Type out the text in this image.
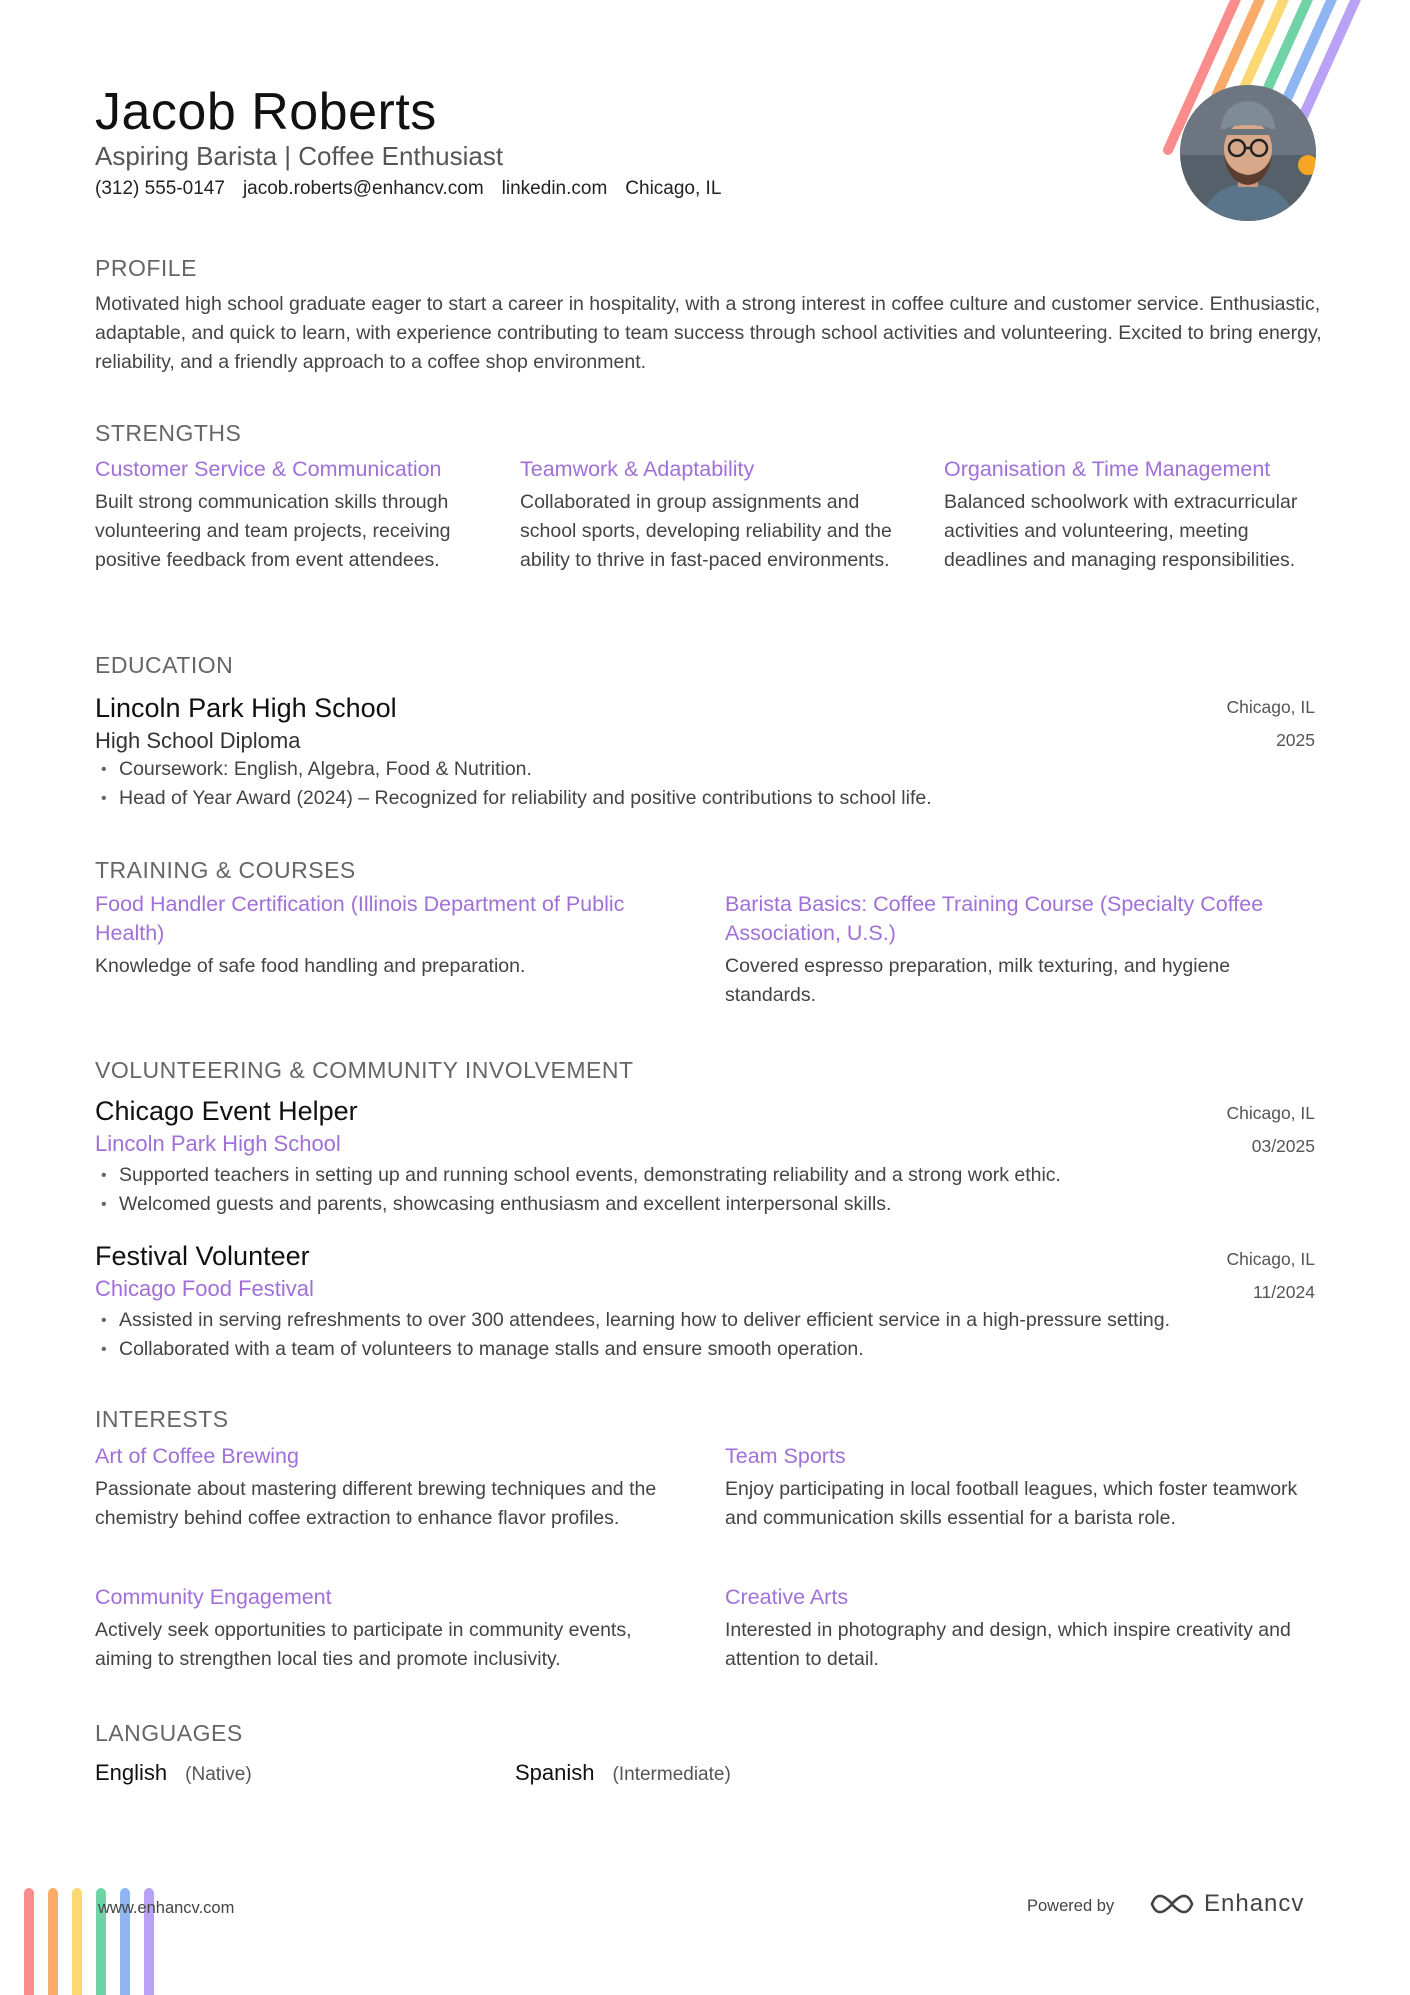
Jacob Roberts
Aspiring Barista | Coffee Enthusiast
(312) 555-0147 jacob.roberts@enhancv.com linkedin.com Chicago, IL
PROFILE
Motivated high school graduate eager to start a career in hospitality, with a strong interest in coffee culture and customer service. Enthusiastic, adaptable, and quick to learn, with experience contributing to team success through school activities and volunteering. Excited to bring energy, reliability, and a friendly approach to a coffee shop environment.
STRENGTHS
Customer Service & Communication
Built strong communication skills through volunteering and team projects, receiving positive feedback from event attendees.
Teamwork & Adaptability
Collaborated in group assignments and school sports, developing reliability and the ability to thrive in fast-paced environments.
Organisation & Time Management
Balanced schoolwork with extracurricular activities and volunteering, meeting deadlines and managing responsibilities.
EDUCATION
Lincoln Park High School
High School Diploma
Chicago, IL
2025
• Coursework: English, Algebra, Food & Nutrition.
• Head of Year Award (2024) – Recognized for reliability and positive contributions to school life.
TRAINING & COURSES
Food Handler Certification (Illinois Department of Public Health)
Knowledge of safe food handling and preparation.
Barista Basics: Coffee Training Course (Specialty Coffee Association, U.S.)
Covered espresso preparation, milk texturing, and hygiene standards.
VOLUNTEERING & COMMUNITY INVOLVEMENT
Chicago Event Helper
Lincoln Park High School
Chicago, IL
03/2025
• Supported teachers in setting up and running school events, demonstrating reliability and a strong work ethic.
• Welcomed guests and parents, showcasing enthusiasm and excellent interpersonal skills.
Festival Volunteer
Chicago Food Festival
Chicago, IL
11/2024
• Assisted in serving refreshments to over 300 attendees, learning how to deliver efficient service in a high-pressure setting.
• Collaborated with a team of volunteers to manage stalls and ensure smooth operation.
INTERESTS
Art of Coffee Brewing
Passionate about mastering different brewing techniques and the chemistry behind coffee extraction to enhance flavor profiles.
Team Sports
Enjoy participating in local football leagues, which foster teamwork and communication skills essential for a barista role.
Community Engagement
Actively seek opportunities to participate in community events, aiming to strengthen local ties and promote inclusivity.
Creative Arts
Interested in photography and design, which inspire creativity and attention to detail.
LANGUAGES
English (Native)	Spanish (Intermediate)
www.enhancv.com	Powered by	Enhancv
